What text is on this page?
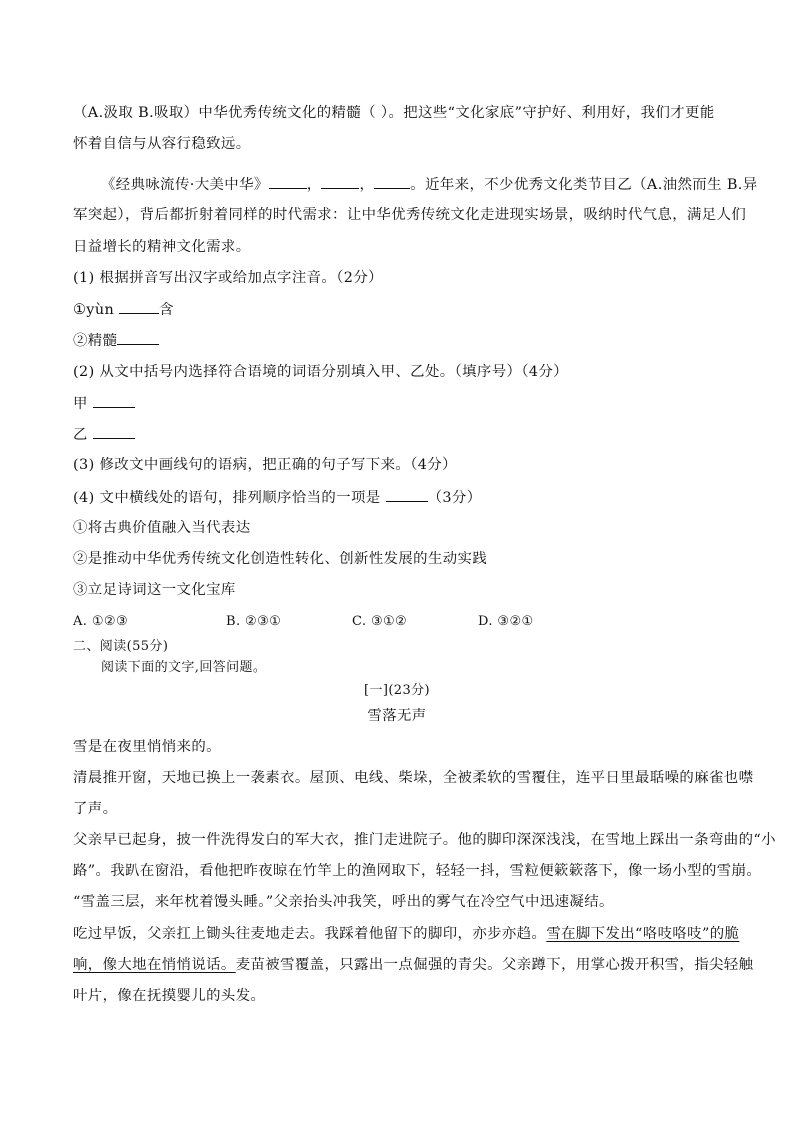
（A.汲取 B.吸取）中华优秀传统文化的精髓（ ）。把这些“文化家底”守护好、利用好，我们才更能
怀着自信与从容行稳致远。
《经典咏流传·大美中华》	，	，	。近年来，不少优秀文化类节目乙（A.油然而生 B.异
军突起），背后都折射着同样的时代需求：让中华优秀传统文化走进现实场景，吸纳时代气息，满足人们
日益增长的精神文化需求。
(1) 根据拼音写出汉字或给加点字注音。（2分）
①yùn	含
②精髓
(2) 从文中括号内选择符合语境的词语分别填入甲、乙处。（填序号）（4分）
甲
乙
(3) 修改文中画线句的语病，把正确的句子写下来。（4分）
(4) 文中横线处的语句，排列顺序恰当的一项是	（3分）
①将古典价值融入当代表达
②是推动中华优秀传统文化创造性转化、创新性发展的生动实践
③立足诗词这一文化宝库
A. ①②③	B. ②③①	C. ③①②	D. ③②①
二、阅读(55分)
阅读下面的文字,回答问题。
[一](23分)
雪落无声
雪是在夜里悄悄来的。
清晨推开窗，天地已换上一袭素衣。屋顶、电线、柴垛，全被柔软的雪覆住，连平日里最聒噪的麻雀也噤
了声。
父亲早已起身，披一件洗得发白的军大衣，推门走进院子。他的脚印深深浅浅，在雪地上踩出一条弯曲的“小
路”。我趴在窗沿，看他把昨夜晾在竹竿上的渔网取下，轻轻一抖，雪粒便簌簌落下，像一场小型的雪崩。
“雪盖三层，来年枕着馒头睡。”父亲抬头冲我笑，呼出的雾气在冷空气中迅速凝结。
吃过早饭，父亲扛上锄头往麦地走去。我踩着他留下的脚印，亦步亦趋。雪在脚下发出“咯吱咯吱”的脆
响，像大地在悄悄说话。麦苗被雪覆盖，只露出一点倔强的青尖。父亲蹲下，用掌心拨开积雪，指尖轻触
叶片，像在抚摸婴儿的头发。
